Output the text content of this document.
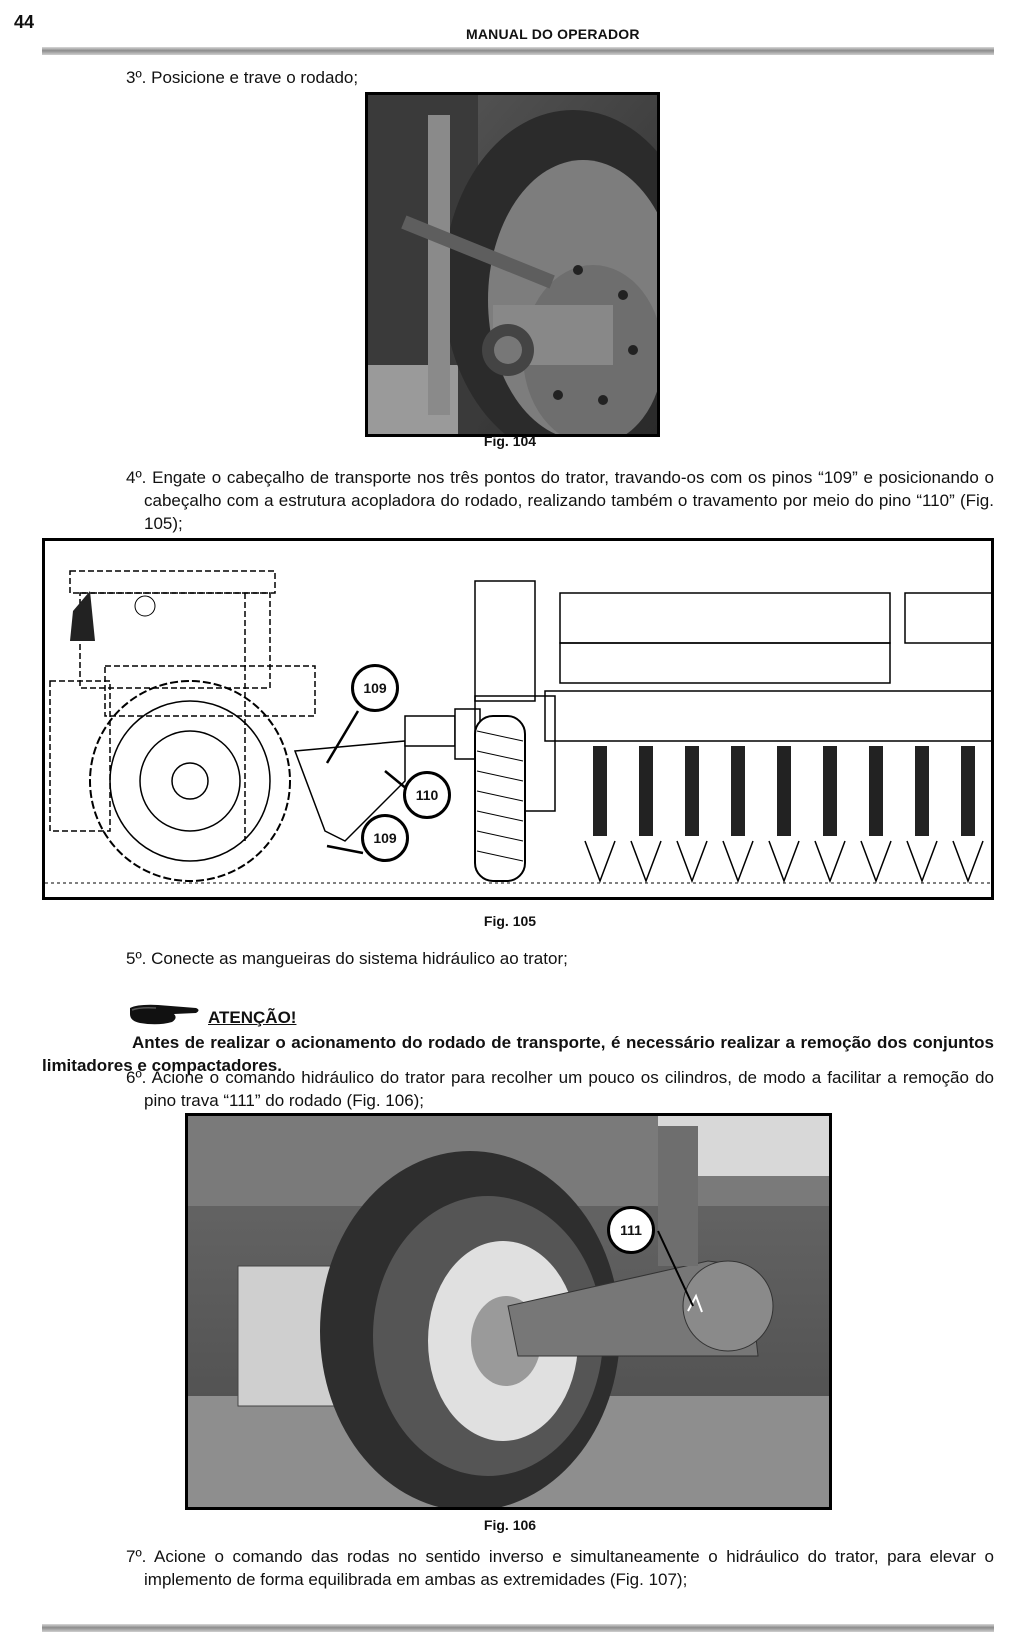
44
MANUAL DO OPERADOR
3º. Posicione e trave o rodado;
Fig. 104
4º. Engate o cabeçalho de transporte nos três pontos do trator, travando-os com os pinos “109” e posicionando o cabeçalho com a estrutura acopladora do rodado, realizando também o travamento por meio do pino “110” (Fig. 105);
109
110
109
Fig. 105
5º. Conecte as mangueiras do sistema hidráulico ao trator;
ATENÇÃO!
Antes de realizar o acionamento do rodado de transporte, é necessário realizar a remoção dos conjuntos limitadores e compactadores.
6º. Acione o comando hidráulico do trator para recolher um pouco os cilindros, de modo a facilitar a remoção do pino trava “111” do rodado (Fig. 106);
111
Fig. 106
7º. Acione o comando das rodas no sentido inverso e simultaneamente o hidráulico do trator, para elevar o implemento de forma equilibrada em ambas as extremidades (Fig. 107);
